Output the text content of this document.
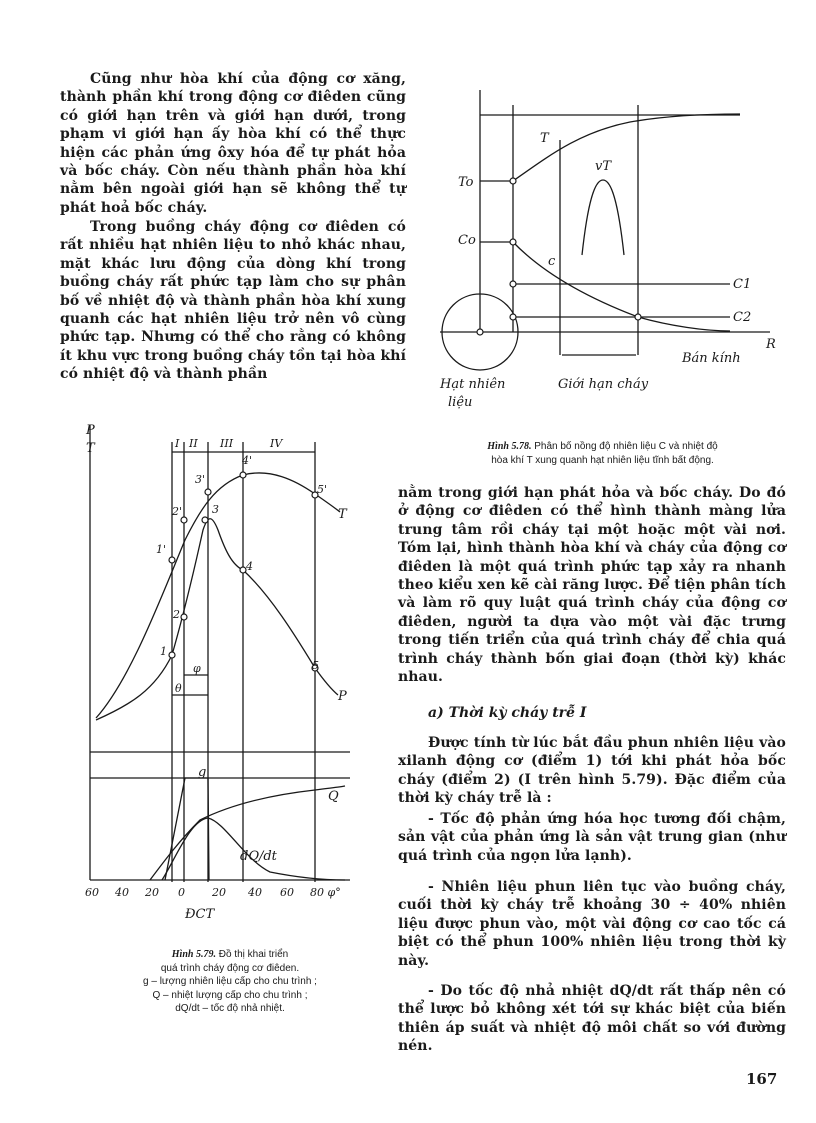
Cũng như hòa khí của động cơ xăng, thành phần khí trong động cơ điêden cũng có giới hạn trên và giới hạn dưới, trong phạm vi giới hạn ấy hòa khí có thể thực hiện các phản ứng ôxy hóa để tự phát hỏa và bốc cháy. Còn nếu thành phần hòa khí nằm bên ngoài giới hạn sẽ không thể tự phát hoả bốc cháy.

Trong buồng cháy động cơ điêden có rất nhiều hạt nhiên liệu to nhỏ khác nhau, mặt khác lưu động của dòng khí trong buồng cháy rất phức tạp làm cho sự phân bố về nhiệt độ và thành phần hòa khí xung quanh các hạt nhiên liệu trở nên vô cùng phức tạp. Nhưng có thể cho rằng có không ít khu vực trong buồng cháy tồn tại hòa khí có nhiệt độ và thành phần

T
To
Co
c
vT
C1
C2
Bán kính
R
Hạt nhiên
liệu
Giới hạn cháy
Hình 5.78. Phân bố nồng độ nhiên liệu C và nhiệt độ
hòa khí T xung quanh hạt nhiên liệu tĩnh bất động.
P
T	I II III	IV
1
2
3
4
5
1'
2'
3'
4'
5'
T
P
θ
φ
g
Q
dQ/dt
60 40 20 0 20 40 60 80 φ°
ĐCT
Hình 5.79. Đồ thị khai triển
quá trình cháy động cơ điêden.
g – lượng nhiên liệu cấp cho chu trình ;
Q – nhiệt lượng cấp cho chu trình ;
dQ/dt – tốc độ nhả nhiệt.

nằm trong giới hạn phát hỏa và bốc cháy. Do đó ở động cơ điêden có thể hình thành màng lửa trung tâm rồi cháy tại một hoặc một vài nơi. Tóm lại, hình thành hòa khí và cháy của động cơ điêden là một quá trình phức tạp xảy ra nhanh theo kiểu xen kẽ cài răng lược. Để tiện phân tích và làm rõ quy luật quá trình cháy của động cơ điêden, người ta dựa vào một vài đặc trưng trong tiến triển của quá trình cháy để chia quá trình cháy thành bốn giai đoạn (thời kỳ) khác nhau.

a) Thời kỳ cháy trễ I

Được tính từ lúc bắt đầu phun nhiên liệu vào xilanh động cơ (điểm 1) tới khi phát hỏa bốc cháy (điểm 2) (I trên hình 5.79). Đặc điểm của thời kỳ cháy trễ là :

- Tốc độ phản ứng hóa học tương đối chậm, sản vật của phản ứng là sản vật trung gian (như quá trình của ngọn lửa lạnh).

- Nhiên liệu phun liên tục vào buồng cháy, cuối thời kỳ cháy trễ khoảng 30 ÷ 40% nhiên liệu được phun vào, một vài động cơ cao tốc cá biệt có thể phun 100% nhiên liệu trong thời kỳ này.

- Do tốc độ nhả nhiệt dQ/dt rất thấp nên có thể lược bỏ không xét tới sự khác biệt của biến thiên áp suất và nhiệt độ môi chất so với đường nén.

167
